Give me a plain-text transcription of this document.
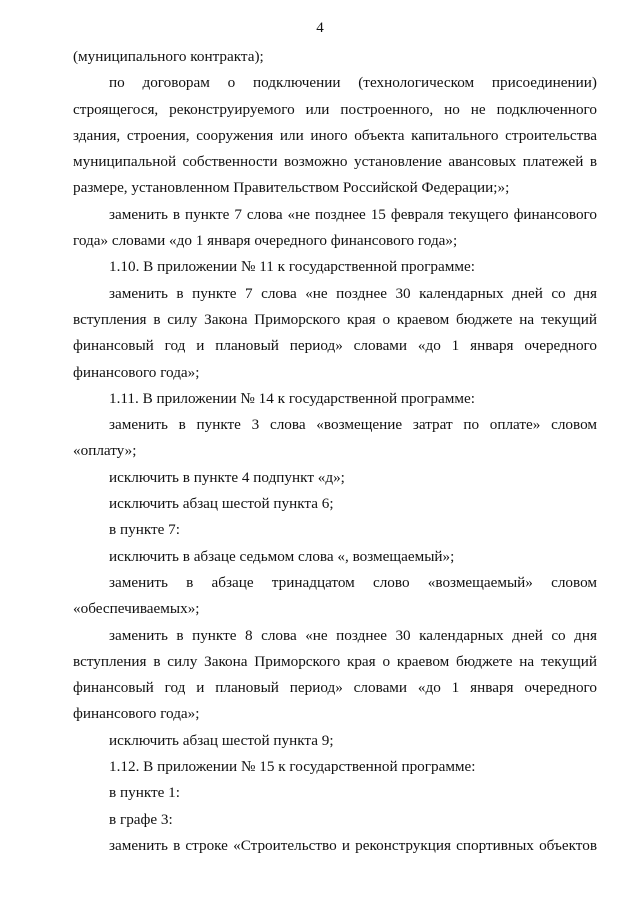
4
(муниципального контракта);
по договорам о подключении (технологическом присоединении)
строящегося, реконструируемого или построенного, но не подключенного
здания, строения, сооружения или иного объекта капитального строительства
муниципальной собственности возможно установление авансовых платежей в
размере, установленном Правительством Российской Федерации;»;
заменить в пункте 7 слова «не позднее 15 февраля текущего финансового
года» словами «до 1 января очередного финансового года»;
1.10. В приложении № 11 к государственной программе:
заменить в пункте 7 слова «не позднее 30 календарных дней со дня
вступления в силу Закона Приморского края о краевом бюджете на текущий
финансовый год и плановый период» словами «до 1 января очередного
финансового года»;
1.11. В приложении № 14 к государственной программе:
заменить в пункте 3 слова «возмещение затрат по оплате» словом
«оплату»;
исключить в пункте 4 подпункт «д»;
исключить абзац шестой пункта 6;
в пункте 7:
исключить в абзаце седьмом слова «, возмещаемый»;
заменить в абзаце тринадцатом слово «возмещаемый» словом
«обеспечиваемых»;
заменить в пункте 8 слова «не позднее 30 календарных дней со дня
вступления в силу Закона Приморского края о краевом бюджете на текущий
финансовый год и плановый период» словами «до 1 января очередного
финансового года»;
исключить абзац шестой пункта 9;
1.12. В приложении № 15 к государственной программе:
в пункте 1:
в графе 3:
заменить в строке «Строительство и реконструкция спортивных объектов
